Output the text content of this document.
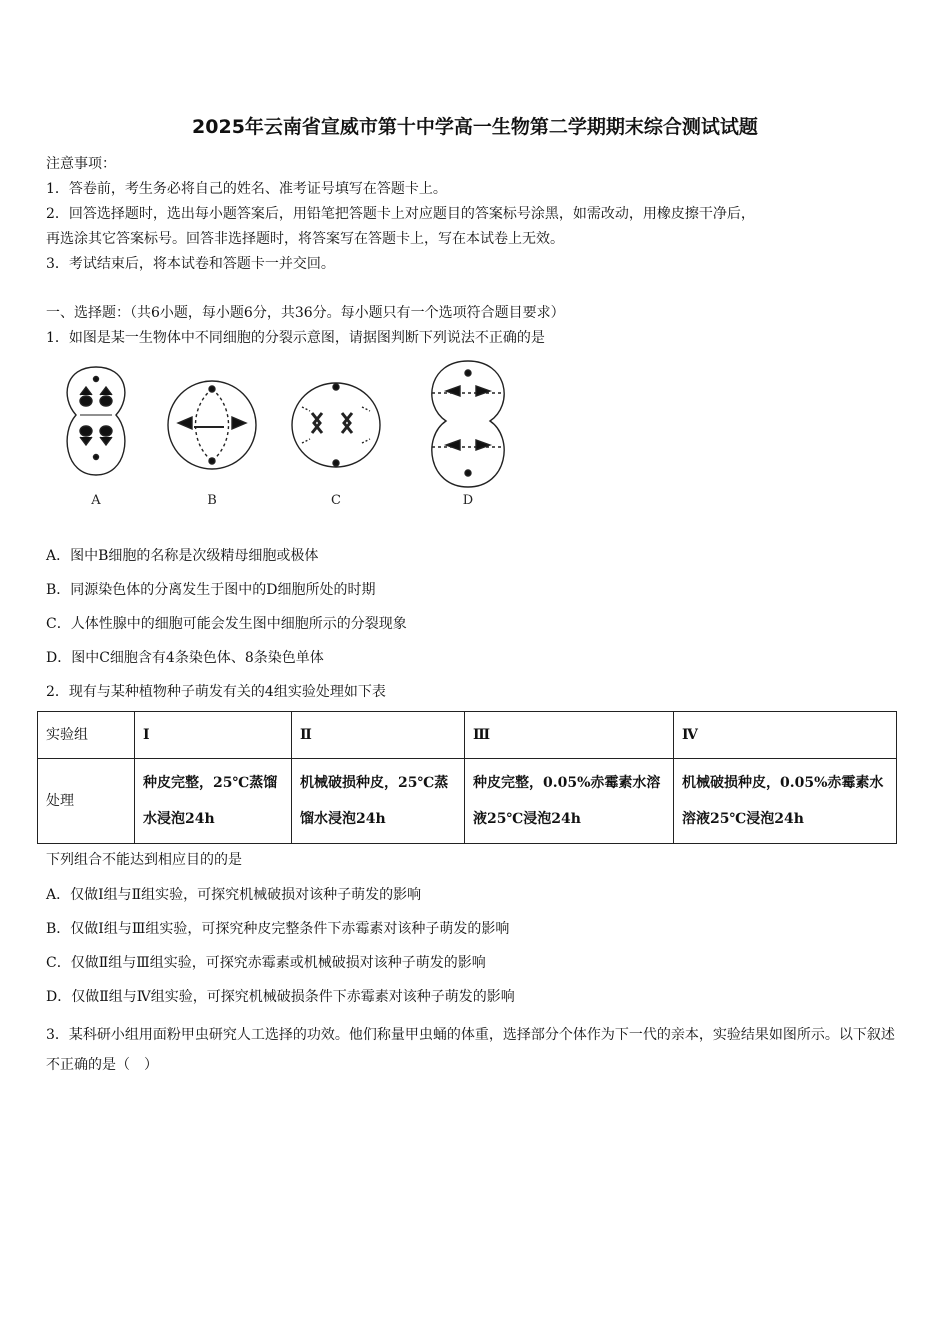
2025年云南省宣威市第十中学高一生物第二学期期末综合测试试题
注意事项：
1．答卷前，考生务必将自己的姓名、准考证号填写在答题卡上。
2．回答选择题时，选出每小题答案后，用铅笔把答题卡上对应题目的答案标号涂黑，如需改动，用橡皮擦干净后，
再选涂其它答案标号。回答非选择题时，将答案写在答题卡上，写在本试卷上无效。
3．考试结束后，将本试卷和答题卡一并交回。
一、选择题：（共6小题，每小题6分，共36分。每小题只有一个选项符合题目要求）
1．如图是某一生物体中不同细胞的分裂示意图，请据图判断下列说法不正确的是
A	B	C	D
A．图中B细胞的名称是次级精母细胞或极体
B．同源染色体的分离发生于图中的D细胞所处的时期
C．人体性腺中的细胞可能会发生图中细胞所示的分裂现象
D．图中C细胞含有4条染色体、8条染色单体
2．现有与某种植物种子萌发有关的4组实验处理如下表
实验组	Ⅰ	Ⅱ	Ⅲ	Ⅳ
处理	种皮完整，25℃蒸馏水浸泡24h	机械破损种皮，25℃蒸馏水浸泡24h	种皮完整，0.05%赤霉素水溶液25℃浸泡24h	机械破损种皮，0.05%赤霉素水溶液25℃浸泡24h
下列组合不能达到相应目的的是
A．仅做Ⅰ组与Ⅱ组实验，可探究机械破损对该种子萌发的影响
B．仅做Ⅰ组与Ⅲ组实验，可探究种皮完整条件下赤霉素对该种子萌发的影响
C．仅做Ⅱ组与Ⅲ组实验，可探究赤霉素或机械破损对该种子萌发的影响
D．仅做Ⅱ组与Ⅳ组实验，可探究机械破损条件下赤霉素对该种子萌发的影响
3．某科研小组用面粉甲虫研究人工选择的功效。他们称量甲虫蛹的体重，选择部分个体作为下一代的亲本，实验结果如图所示。以下叙述不正确的是（　）
